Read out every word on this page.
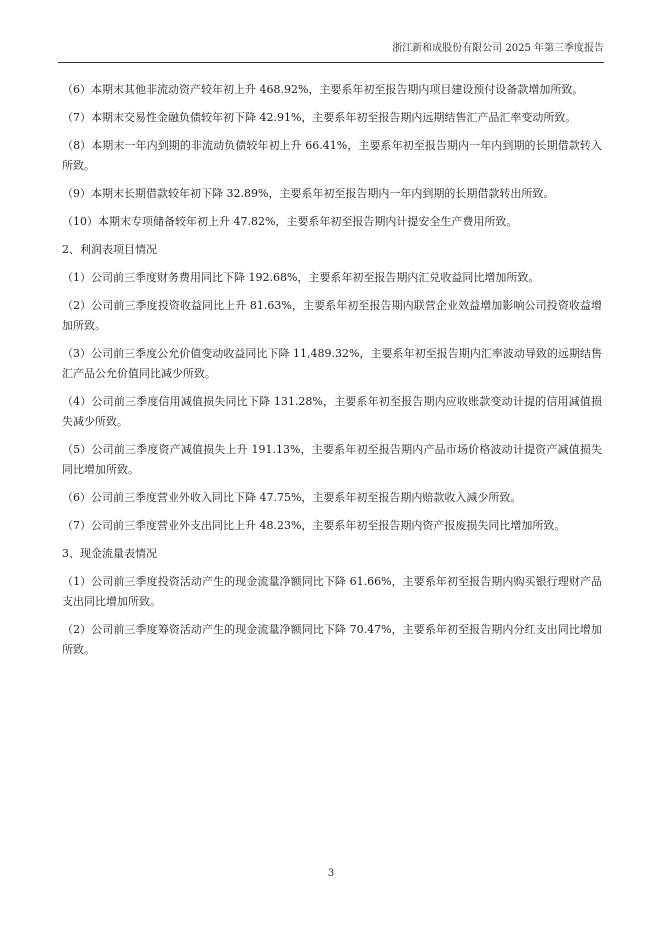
浙江新和成股份有限公司 2025 年第三季度报告

（6）本期末其他非流动资产较年初上升 468.92%，主要系年初至报告期内项目建设预付设备款增加所致。

（7）本期末交易性金融负债较年初下降 42.91%，主要系年初至报告期内远期结售汇产品汇率变动所致。

（8）本期末一年内到期的非流动负债较年初上升 66.41%，主要系年初至报告期内一年内到期的长期借款转入所致。

（9）本期末长期借款较年初下降 32.89%，主要系年初至报告期内一年内到期的长期借款转出所致。

（10）本期末专项储备较年初上升 47.82%，主要系年初至报告期内计提安全生产费用所致。

2、利润表项目情况

（1）公司前三季度财务费用同比下降 192.68%，主要系年初至报告期内汇兑收益同比增加所致。

（2）公司前三季度投资收益同比上升 81.63%，主要系年初至报告期内联营企业效益增加影响公司投资收益增加所致。

（3）公司前三季度公允价值变动收益同比下降 11,489.32%，主要系年初至报告期内汇率波动导致的远期结售汇产品公允价值同比减少所致。

（4）公司前三季度信用减值损失同比下降 131.28%，主要系年初至报告期内应收账款变动计提的信用减值损失减少所致。

（5）公司前三季度资产减值损失上升 191.13%，主要系年初至报告期内产品市场价格波动计提资产减值损失同比增加所致。

（6）公司前三季度营业外收入同比下降 47.75%，主要系年初至报告期内赔款收入减少所致。

（7）公司前三季度营业外支出同比上升 48.23%，主要系年初至报告期内资产报废损失同比增加所致。

3、现金流量表情况

（1）公司前三季度投资活动产生的现金流量净额同比下降 61.66%，主要系年初至报告期内购买银行理财产品支出同比增加所致。

（2）公司前三季度筹资活动产生的现金流量净额同比下降 70.47%，主要系年初至报告期内分红支出同比增加所致。

3
